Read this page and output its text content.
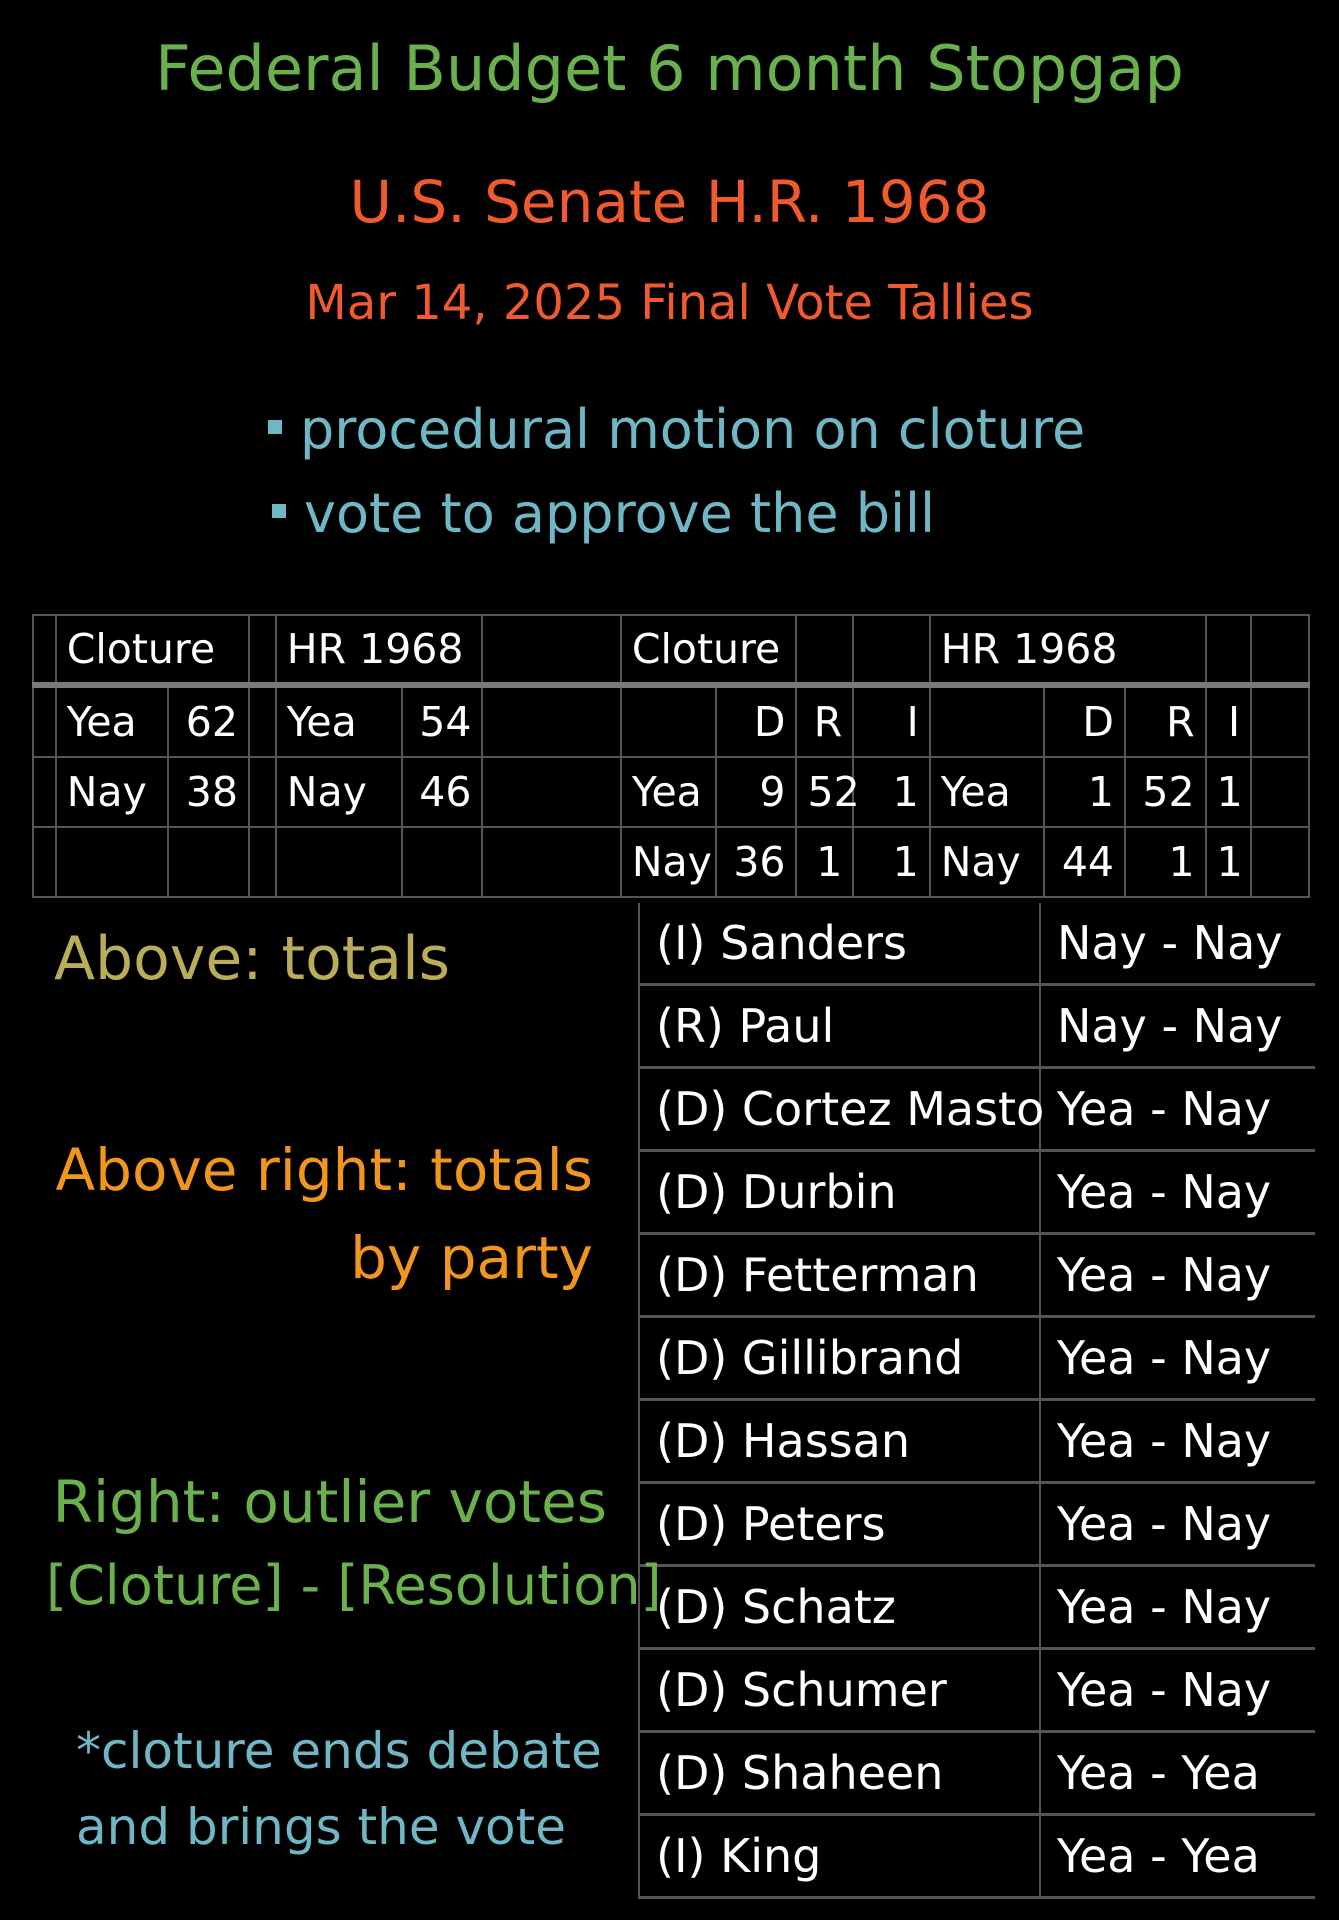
Federal Budget 6 month Stopgap
U.S. Senate H.R. 1968
Mar 14, 2025 Final Vote Tallies
procedural motion on cloture
vote to approve the bill
	Cloture			HR 1968			Cloture				HR 1968				
	Yea	62		Yea	54			D	R	I		D	R	I	
	Nay	38		Nay	46		Yea	9	52	1	Yea	1	52	1	
							Nay	36	1	1	Nay	44	1	1	
(I) Sanders	Nay - Nay
(R) Paul	Nay - Nay
(D) Cortez Masto	Yea - Nay
(D) Durbin	Yea - Nay
(D) Fetterman	Yea - Nay
(D) Gillibrand	Yea - Nay
(D) Hassan	Yea - Nay
(D) Peters	Yea - Nay
(D) Schatz	Yea - Nay
(D) Schumer	Yea - Nay
(D) Shaheen	Yea - Yea
(I) King	Yea - Yea
Above: totals
Above right: totals
by party
Right: outlier votes
[Cloture] - [Resolution]
*cloture ends debate
and brings the vote
